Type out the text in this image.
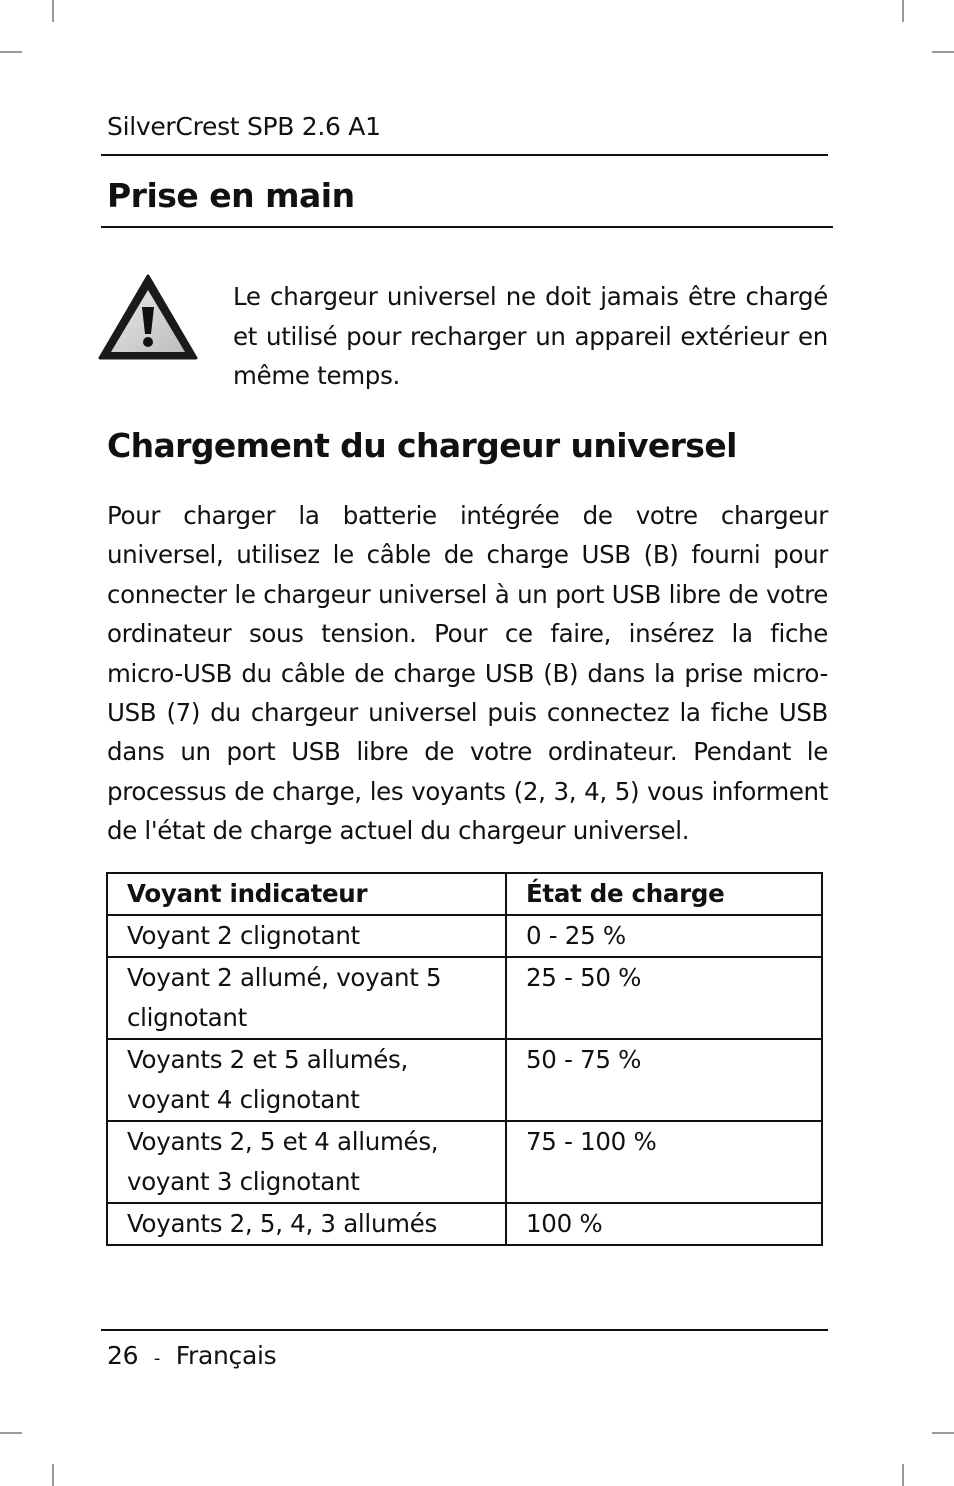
SilverCrest SPB 2.6 A1
Prise en main
Le chargeur universel ne doit jamais être chargé et utilisé pour recharger un appareil extérieur en même temps.
Chargement du chargeur universel
Pour charger la batterie intégrée de votre chargeur universel, utilisez le câble de charge USB (B) fourni pour connecter le chargeur universel à un port USB libre de votre ordinateur sous tension. Pour ce faire, insérez la fiche micro-USB du câble de charge USB (B) dans la prise micro-USB (7) du chargeur universel puis connectez la fiche USB dans un port USB libre de votre ordinateur. Pendant le processus de charge, les voyants (2, 3, 4, 5) vous informent de l'état de charge actuel du chargeur universel.
Voyant indicateur	État de charge
Voyant 2 clignotant	0 - 25 %
Voyant 2 allumé, voyant 5 clignotant	25 - 50 %
Voyants 2 et 5 allumés, voyant 4 clignotant	50 - 75 %
Voyants 2, 5 et 4 allumés, voyant 3 clignotant	75 - 100 %
Voyants 2, 5, 4, 3 allumés	100 %
26 - Français
